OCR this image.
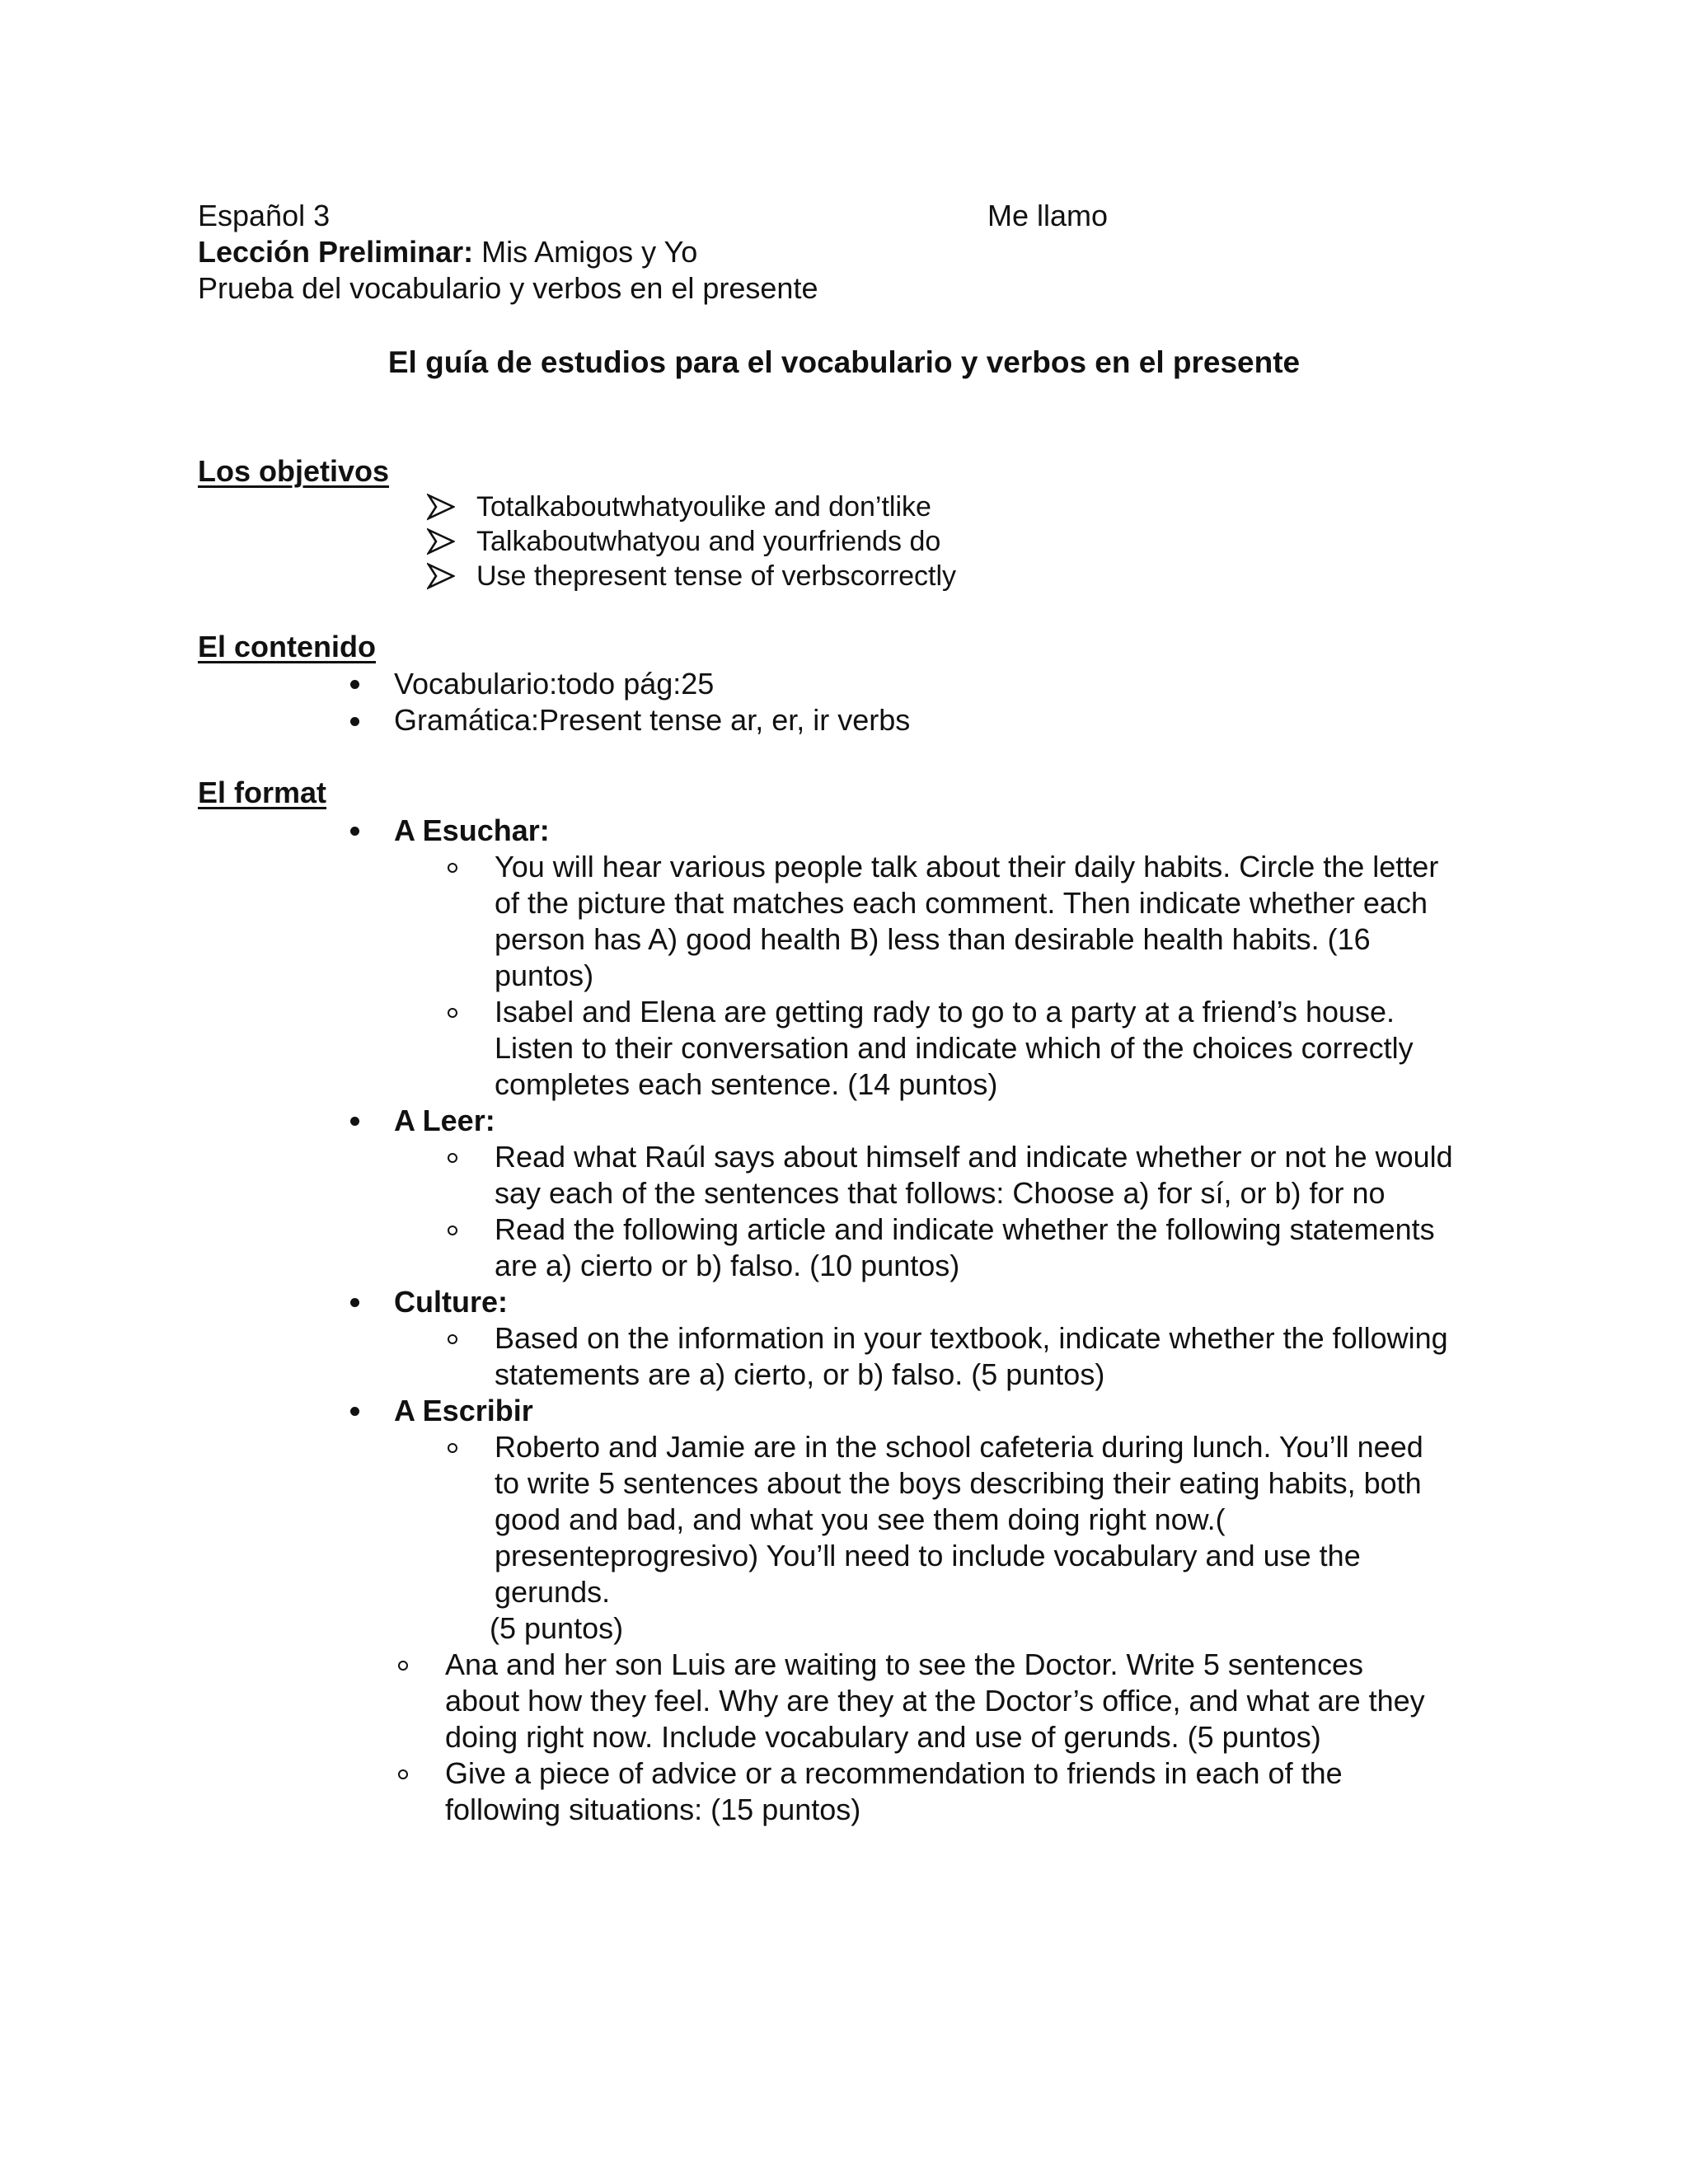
Español 3	Me llamo
Lección Preliminar: Mis Amigos y Yo
Prueba del vocabulario y verbos en el presente
El guía de estudios para el vocabulario y verbos en el presente
Los objetivos
Totalkaboutwhatyoulike and don’tlike
Talkaboutwhatyou and yourfriends do
Use thepresent tense of verbscorrectly
El contenido
Vocabulario:todo pág:25
Gramática:Present tense ar, er, ir verbs
El format
A Esuchar:
You will hear various people talk about their daily habits. Circle the letter
of the picture that matches each comment. Then indicate whether each
person has A) good health B) less than desirable health habits. (16
puntos)
Isabel and Elena are getting rady to go to a party at a friend’s house.
Listen to their conversation and indicate which of the choices correctly
completes each sentence. (14 puntos)
A Leer:
Read what Raúl says about himself and indicate whether or not he would
say each of the sentences that follows: Choose a) for sí, or b) for no
Read the following article and indicate whether the following statements
are a) cierto or b) falso. (10 puntos)
Culture:
Based on the information in your textbook, indicate whether the following
statements are a) cierto, or b) falso. (5 puntos)
A Escribir
Roberto and Jamie are in the school cafeteria during lunch. You’ll need
to write 5 sentences about the boys describing their eating habits, both
good and bad, and what you see them doing right now.(
presenteprogresivo) You’ll need to include vocabulary and use the
gerunds.
(5 puntos)
Ana and her son Luis are waiting to see the Doctor. Write 5 sentences
about how they feel. Why are they at the Doctor’s office, and what are they
doing right now. Include vocabulary and use of gerunds. (5 puntos)
Give a piece of advice or a recommendation to friends in each of the
following situations: (15 puntos)
